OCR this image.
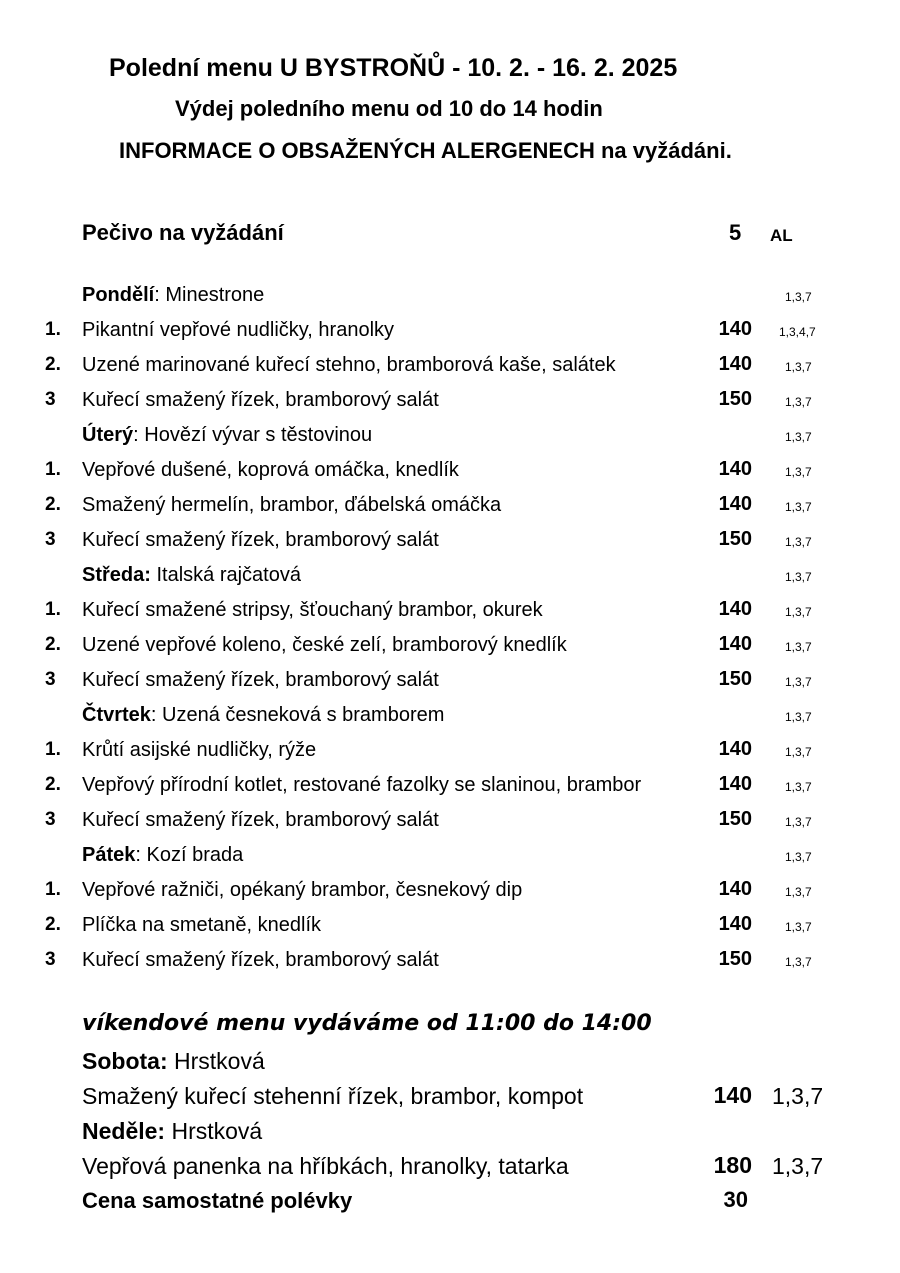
Polední menu U BYSTROŇŮ - 10. 2. - 16. 2. 2025
Výdej poledního menu od 10 do 14 hodin
INFORMACE O OBSAŽENÝCH ALERGENECH na vyžádáni.
Pečivo na vyžádání	5 AL
Pondělí: Minestrone	1,3,7
1. Pikantní vepřové nudličky, hranolky	140 1,3,4,7
2. Uzené marinované kuřecí stehno, bramborová kaše, salátek	140	1,3,7
3 Kuřecí smažený řízek, bramborový salát	150	1,3,7
Úterý: Hovězí vývar s těstovinou	1,3,7
1. Vepřové dušené, koprová omáčka, knedlík	140	1,3,7
2. Smažený hermelín, brambor, ďábelská omáčka	140	1,3,7
3 Kuřecí smažený řízek, bramborový salát	150	1,3,7
Středa: Italská rajčatová	1,3,7
1. Kuřecí smažené stripsy, šťouchaný brambor, okurek	140	1,3,7
2. Uzené vepřové koleno, české zelí, bramborový knedlík	140	1,3,7
3 Kuřecí smažený řízek, bramborový salát	150	1,3,7
Čtvrtek: Uzená česneková s bramborem	1,3,7
1. Krůtí asijské nudličky, rýže	140	1,3,7
2. Vepřový přírodní kotlet, restované fazolky se slaninou, brambor	140	1,3,7
3 Kuřecí smažený řízek, bramborový salát	150	1,3,7
Pátek: Kozí brada	1,3,7
1. Vepřové ražniči, opékaný brambor, česnekový dip	140	1,3,7
2. Plíčka na smetaně, knedlík	140	1,3,7
3 Kuřecí smažený řízek, bramborový salát	150	1,3,7
víkendové menu vydáváme od 11:00 do 14:00
Sobota: Hrstková
Smažený kuřecí stehenní řízek, brambor, kompot	140 1,3,7
Neděle: Hrstková
Vepřová panenka na hříbkách, hranolky, tatarka	180 1,3,7
Cena samostatné polévky	30
